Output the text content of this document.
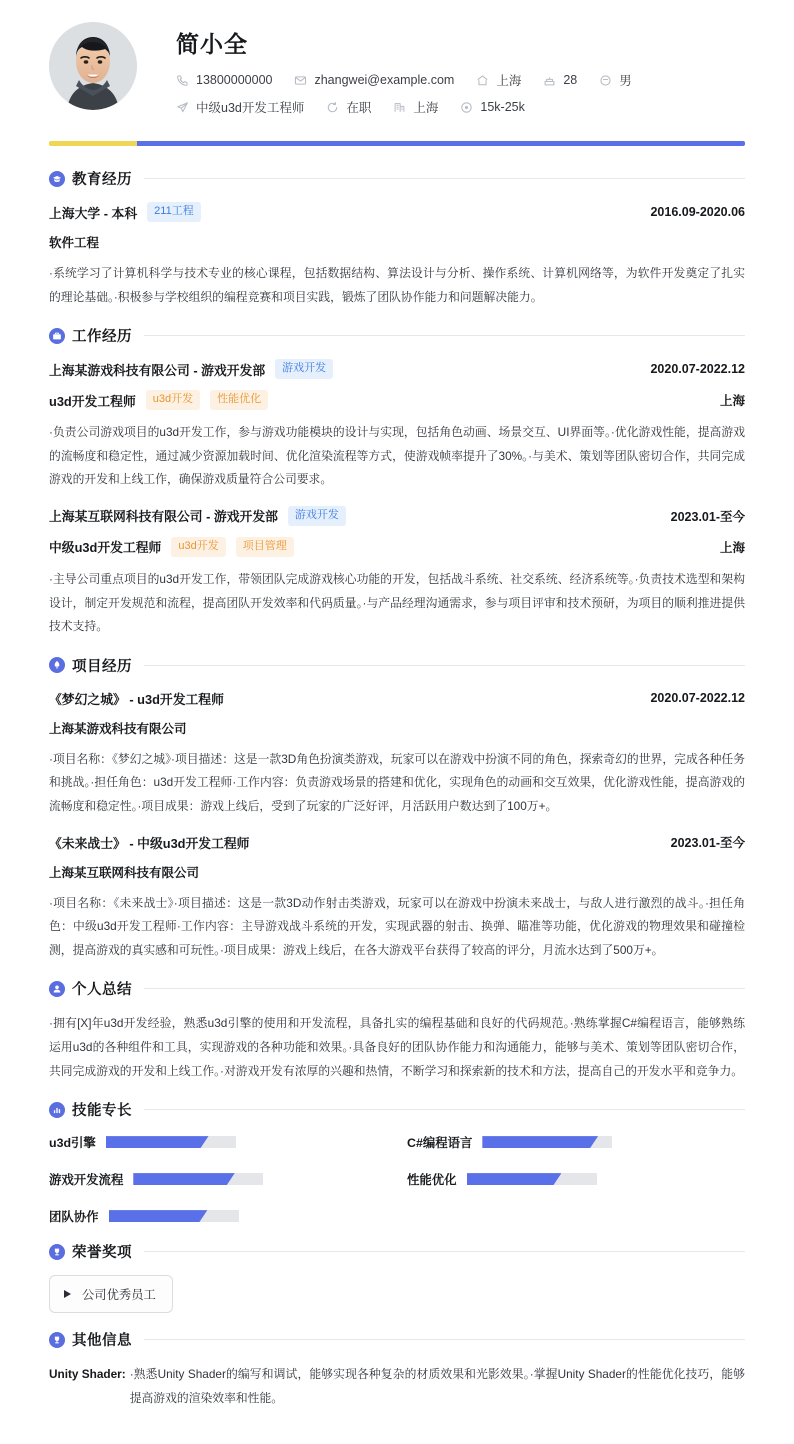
简小全
13800000000	zhangwei@example.com	上海	28	男
中级u3d开发工程师	在职	上海	15k-25k
教育经历
上海大学 - 本科	211工程	2016.09-2020.06
软件工程
·系统学习了计算机科学与技术专业的核心课程，包括数据结构、算法设计与分析、操作系统、计算机网络等，为软件开发奠定了扎实的理论基础。·积极参与学校组织的编程竞赛和项目实践，锻炼了团队协作能力和问题解决能力。
工作经历
上海某游戏科技有限公司 - 游戏开发部	游戏开发	2020.07-2022.12
u3d开发工程师	u3d开发	性能优化	上海
·负责公司游戏项目的u3d开发工作，参与游戏功能模块的设计与实现，包括角色动画、场景交互、UI界面等。·优化游戏性能，提高游戏的流畅度和稳定性，通过减少资源加载时间、优化渲染流程等方式，使游戏帧率提升了30%。·与美术、策划等团队密切合作，共同完成游戏的开发和上线工作，确保游戏质量符合公司要求。
上海某互联网科技有限公司 - 游戏开发部	游戏开发	2023.01-至今
中级u3d开发工程师	u3d开发	项目管理	上海
·主导公司重点项目的u3d开发工作，带领团队完成游戏核心功能的开发，包括战斗系统、社交系统、经济系统等。·负责技术选型和架构设计，制定开发规范和流程，提高团队开发效率和代码质量。·与产品经理沟通需求，参与项目评审和技术预研，为项目的顺利推进提供技术支持。
项目经历
《梦幻之城》 - u3d开发工程师	2020.07-2022.12
上海某游戏科技有限公司
·项目名称：《梦幻之城》·项目描述：这是一款3D角色扮演类游戏，玩家可以在游戏中扮演不同的角色，探索奇幻的世界，完成各种任务和挑战。·担任角色：u3d开发工程师·工作内容：负责游戏场景的搭建和优化，实现角色的动画和交互效果，优化游戏性能，提高游戏的流畅度和稳定性。·项目成果：游戏上线后，受到了玩家的广泛好评，月活跃用户数达到了100万+。
《未来战士》 - 中级u3d开发工程师	2023.01-至今
上海某互联网科技有限公司
·项目名称：《未来战士》·项目描述：这是一款3D动作射击类游戏，玩家可以在游戏中扮演未来战士，与敌人进行激烈的战斗。·担任角色：中级u3d开发工程师·工作内容：主导游戏战斗系统的开发，实现武器的射击、换弹、瞄准等功能，优化游戏的物理效果和碰撞检测，提高游戏的真实感和可玩性。·项目成果：游戏上线后，在各大游戏平台获得了较高的评分，月流水达到了500万+。
个人总结
·拥有[X]年u3d开发经验，熟悉u3d引擎的使用和开发流程，具备扎实的编程基础和良好的代码规范。·熟练掌握C#编程语言，能够熟练运用u3d的各种组件和工具，实现游戏的各种功能和效果。·具备良好的团队协作能力和沟通能力，能够与美术、策划等团队密切合作，共同完成游戏的开发和上线工作。·对游戏开发有浓厚的兴趣和热情，不断学习和探索新的技术和方法，提高自己的开发水平和竞争力。
技能专长
u3d引擎	C#编程语言
游戏开发流程	性能优化
团队协作
荣誉奖项
公司优秀员工
其他信息
Unity Shader: ·熟悉Unity Shader的编写和调试，能够实现各种复杂的材质效果和光影效果。·掌握Unity Shader的性能优化技巧，能够提高游戏的渲染效率和性能。
